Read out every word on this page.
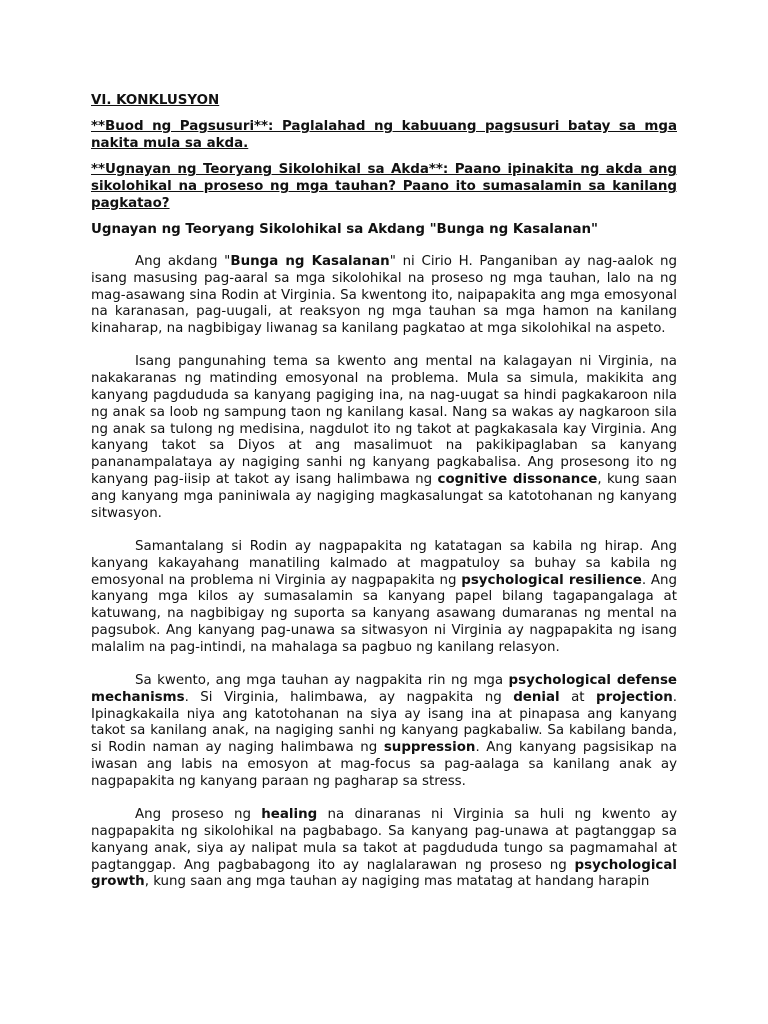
VI. KONKLUSYON

**Buod ng Pagsusuri**: Paglalahad ng kabuuang pagsusuri batay sa mga nakita mula sa akda.

**Ugnayan ng Teoryang Sikolohikal sa Akda**: Paano ipinakita ng akda ang sikolohikal na proseso ng mga tauhan? Paano ito sumasalamin sa kanilang pagkatao?

Ugnayan ng Teoryang Sikolohikal sa Akdang "Bunga ng Kasalanan"

Ang akdang "Bunga ng Kasalanan" ni Cirio H. Panganiban ay nag-aalok ng isang masusing pag-aaral sa mga sikolohikal na proseso ng mga tauhan, lalo na ng mag-asawang sina Rodin at Virginia. Sa kwentong ito, naipapakita ang mga emosyonal na karanasan, pag-uugali, at reaksyon ng mga tauhan sa mga hamon na kanilang kinaharap, na nagbibigay liwanag sa kanilang pagkatao at mga sikolohikal na aspeto.

Isang pangunahing tema sa kwento ang mental na kalagayan ni Virginia, na nakakaranas ng matinding emosyonal na problema. Mula sa simula, makikita ang kanyang pagdududa sa kanyang pagiging ina, na nag-uugat sa hindi pagkakaroon nila ng anak sa loob ng sampung taon ng kanilang kasal. Nang sa wakas ay nagkaroon sila ng anak sa tulong ng medisina, nagdulot ito ng takot at pagkakasala kay Virginia. Ang kanyang takot sa Diyos at ang masalimuot na pakikipaglaban sa kanyang pananampalataya ay nagiging sanhi ng kanyang pagkabalisa. Ang prosesong ito ng kanyang pag-iisip at takot ay isang halimbawa ng cognitive dissonance, kung saan ang kanyang mga paniniwala ay nagiging magkasalungat sa katotohanan ng kanyang sitwasyon.

Samantalang si Rodin ay nagpapakita ng katatagan sa kabila ng hirap. Ang kanyang kakayahang manatiling kalmado at magpatuloy sa buhay sa kabila ng emosyonal na problema ni Virginia ay nagpapakita ng psychological resilience. Ang kanyang mga kilos ay sumasalamin sa kanyang papel bilang tagapangalaga at katuwang, na nagbibigay ng suporta sa kanyang asawang dumaranas ng mental na pagsubok. Ang kanyang pag-unawa sa sitwasyon ni Virginia ay nagpapakita ng isang malalim na pag-intindi, na mahalaga sa pagbuo ng kanilang relasyon.

Sa kwento, ang mga tauhan ay nagpakita rin ng mga psychological defense mechanisms. Si Virginia, halimbawa, ay nagpakita ng denial at projection. Ipinagkakaila niya ang katotohanan na siya ay isang ina at pinapasa ang kanyang takot sa kanilang anak, na nagiging sanhi ng kanyang pagkabaliw. Sa kabilang banda, si Rodin naman ay naging halimbawa ng suppression. Ang kanyang pagsisikap na iwasan ang labis na emosyon at mag-focus sa pag-aalaga sa kanilang anak ay nagpapakita ng kanyang paraan ng pagharap sa stress.

Ang proseso ng healing na dinaranas ni Virginia sa huli ng kwento ay nagpapakita ng sikolohikal na pagbabago. Sa kanyang pag-unawa at pagtanggap sa kanyang anak, siya ay nalipat mula sa takot at pagdududa tungo sa pagmamahal at pagtanggap. Ang pagbabagong ito ay naglalarawan ng proseso ng psychological growth, kung saan ang mga tauhan ay nagiging mas matatag at handang harapin
